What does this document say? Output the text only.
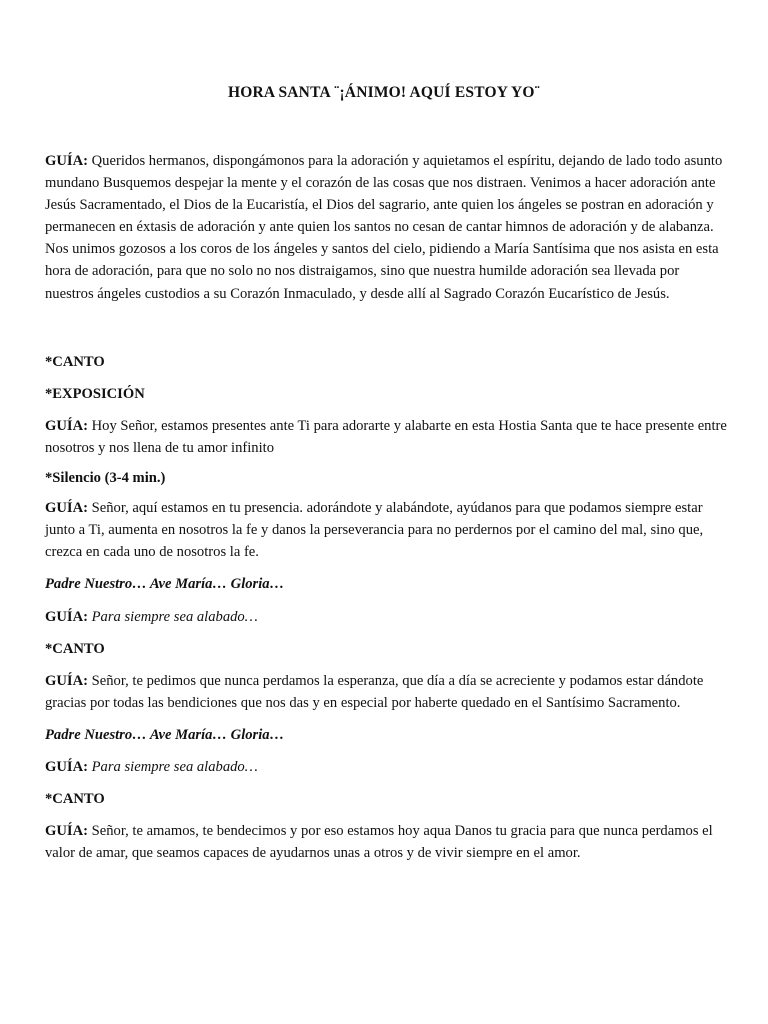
HORA SANTA ¨¡ÁNIMO! AQUÍ ESTOY YO¨

GUÍA: Queridos hermanos, dispongámonos para la adoración y aquietamos el espíritu, dejando de lado todo asunto mundano Busquemos despejar la mente y el corazón de las cosas que nos distraen. Venimos a hacer adoración ante Jesús Sacramentado, el Dios de la Eucaristía, el Dios del sagrario, ante quien los ángeles se postran en adoración y permanecen en éxtasis de adoración y ante quien los santos no cesan de cantar himnos de adoración y de alabanza. Nos unimos gozosos a los coros de los ángeles y santos del cielo, pidiendo a María Santísima que nos asista en esta hora de adoración, para que no solo no nos distraigamos, sino que nuestra humilde adoración sea llevada por nuestros ángeles custodios a su Corazón Inmaculado, y desde allí al Sagrado Corazón Eucarístico de Jesús.

*CANTO

*EXPOSICIÓN

GUÍA: Hoy Señor, estamos presentes ante Ti para adorarte y alabarte en esta Hostia Santa que te hace presente entre nosotros y nos llena de tu amor infinito

*Silencio (3-4 min.)

GUÍA: Señor, aquí estamos en tu presencia. adorándote y alabándote, ayúdanos para que podamos siempre estar junto a Ti, aumenta en nosotros la fe y danos la perseverancia para no perdernos por el camino del mal, sino que, crezca en cada uno de nosotros la fe.

Padre Nuestro… Ave María… Gloria…

GUÍA: Para siempre sea alabado…

*CANTO

GUÍA: Señor, te pedimos que nunca perdamos la esperanza, que día a día se acreciente y podamos estar dándote gracias por todas las bendiciones que nos das y en especial por haberte quedado en el Santísimo Sacramento.

Padre Nuestro… Ave María… Gloria…

GUÍA: Para siempre sea alabado…

*CANTO

GUÍA: Señor, te amamos, te bendecimos y por eso estamos hoy aqua Danos tu gracia para que nunca perdamos el valor de amar, que seamos capaces de ayudarnos unas a otros y de vivir siempre en el amor.
